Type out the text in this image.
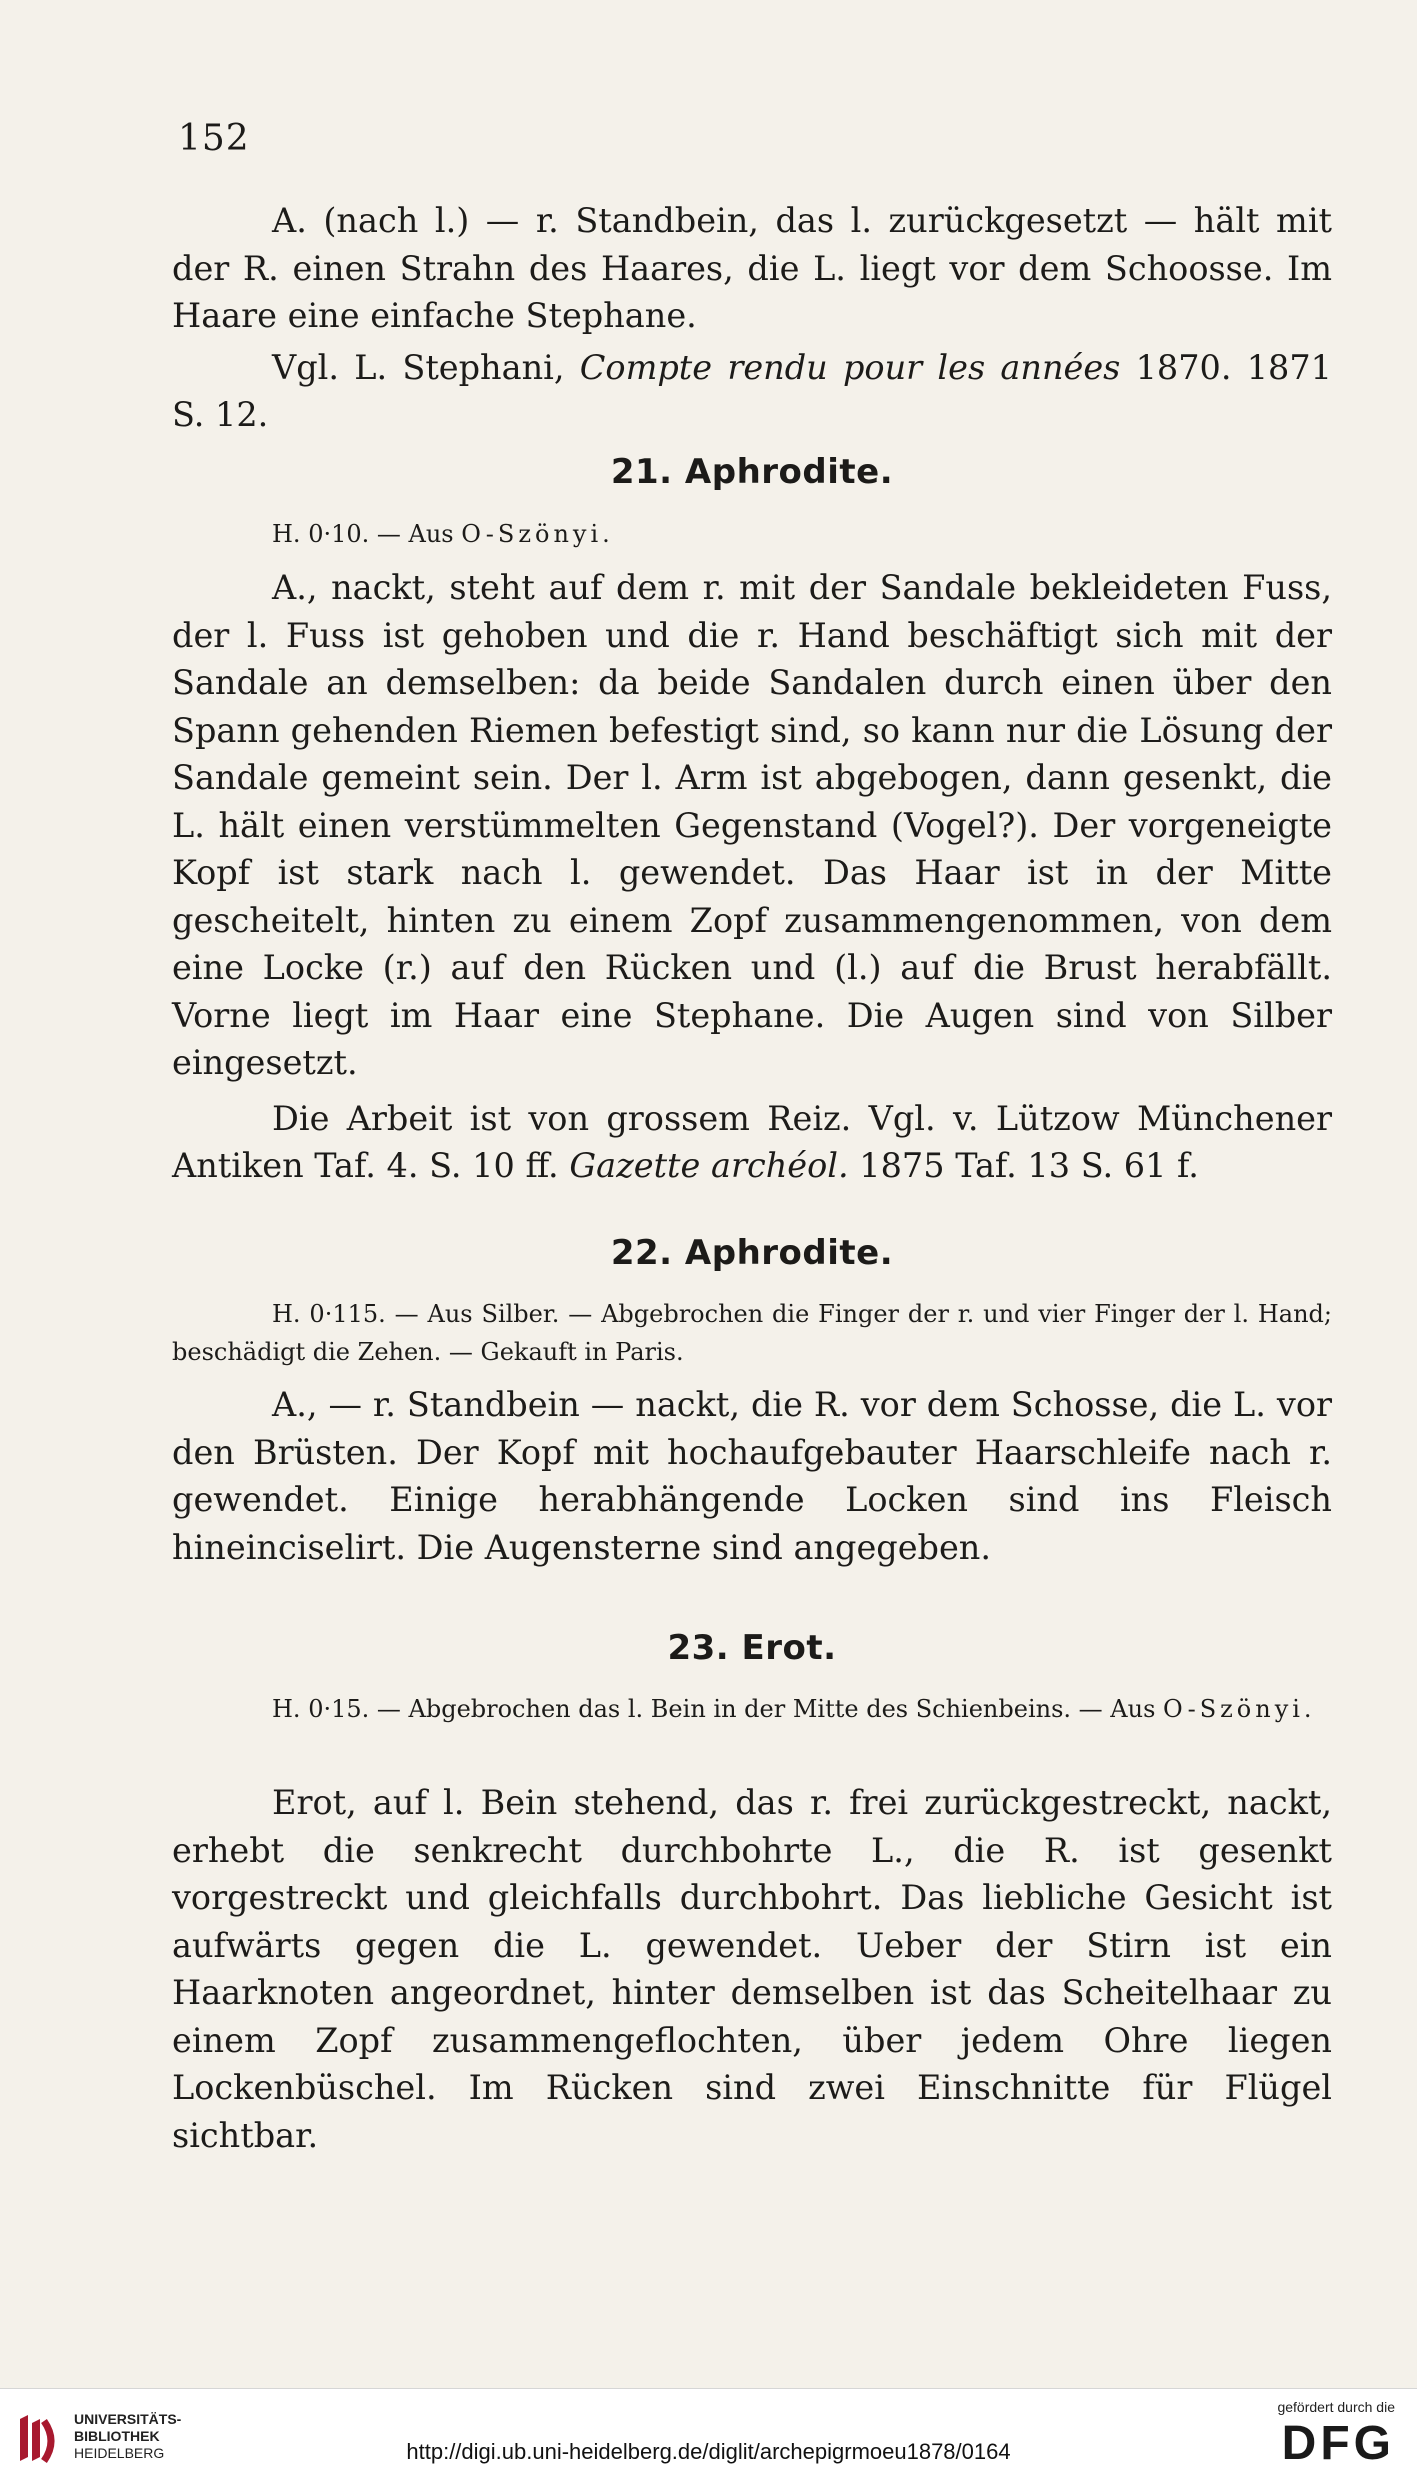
152

A. (nach l.) — r. Standbein, das l. zurückgesetzt — hält mit der R. einen Strahn des Haares, die L. liegt vor dem Schoosse. Im Haare eine einfache Stephane.

Vgl. L. Stephani, Compte rendu pour les années 1870. 1871 S. 12.

21. Aphrodite.

H. 0·10. — Aus O-Szönyi.

A., nackt, steht auf dem r. mit der Sandale bekleideten Fuss, der l. Fuss ist gehoben und die r. Hand beschäftigt sich mit der Sandale an demselben: da beide Sandalen durch einen über den Spann gehenden Riemen befestigt sind, so kann nur die Lösung der Sandale gemeint sein. Der l. Arm ist abgebogen, dann gesenkt, die L. hält einen verstümmelten Gegenstand (Vogel?). Der vorgeneigte Kopf ist stark nach l. gewendet. Das Haar ist in der Mitte gescheitelt, hinten zu einem Zopf zusammengenommen, von dem eine Locke (r.) auf den Rücken und (l.) auf die Brust herabfällt. Vorne liegt im Haar eine Stephane. Die Augen sind von Silber eingesetzt.

Die Arbeit ist von grossem Reiz. Vgl. v. Lützow Münchener Antiken Taf. 4. S. 10 ff. Gazette archéol. 1875 Taf. 13 S. 61 f.

22. Aphrodite.

H. 0·115. — Aus Silber. — Abgebrochen die Finger der r. und vier Finger der l. Hand; beschädigt die Zehen. — Gekauft in Paris.

A., — r. Standbein — nackt, die R. vor dem Schosse, die L. vor den Brüsten. Der Kopf mit hochaufgebauter Haarschleife nach r. gewendet. Einige herabhängende Locken sind ins Fleisch hineinciselirt. Die Augensterne sind angegeben.

23. Erot.

H. 0·15. — Abgebrochen das l. Bein in der Mitte des Schienbeins. — Aus O-Szönyi.

Erot, auf l. Bein stehend, das r. frei zurückgestreckt, nackt, erhebt die senkrecht durchbohrte L., die R. ist gesenkt vorgestreckt und gleichfalls durchbohrt. Das liebliche Gesicht ist aufwärts gegen die L. gewendet. Ueber der Stirn ist ein Haarknoten angeordnet, hinter demselben ist das Scheitelhaar zu einem Zopf zusammengeflochten, über jedem Ohre liegen Lockenbüschel. Im Rücken sind zwei Einschnitte für Flügel sichtbar.

UNIVERSITÄTS-
BIBLIOTHEK
HEIDELBERG	http://digi.ub.uni-heidelberg.de/diglit/archepigrmoeu1878/0164
gefördert durch die
DFG
